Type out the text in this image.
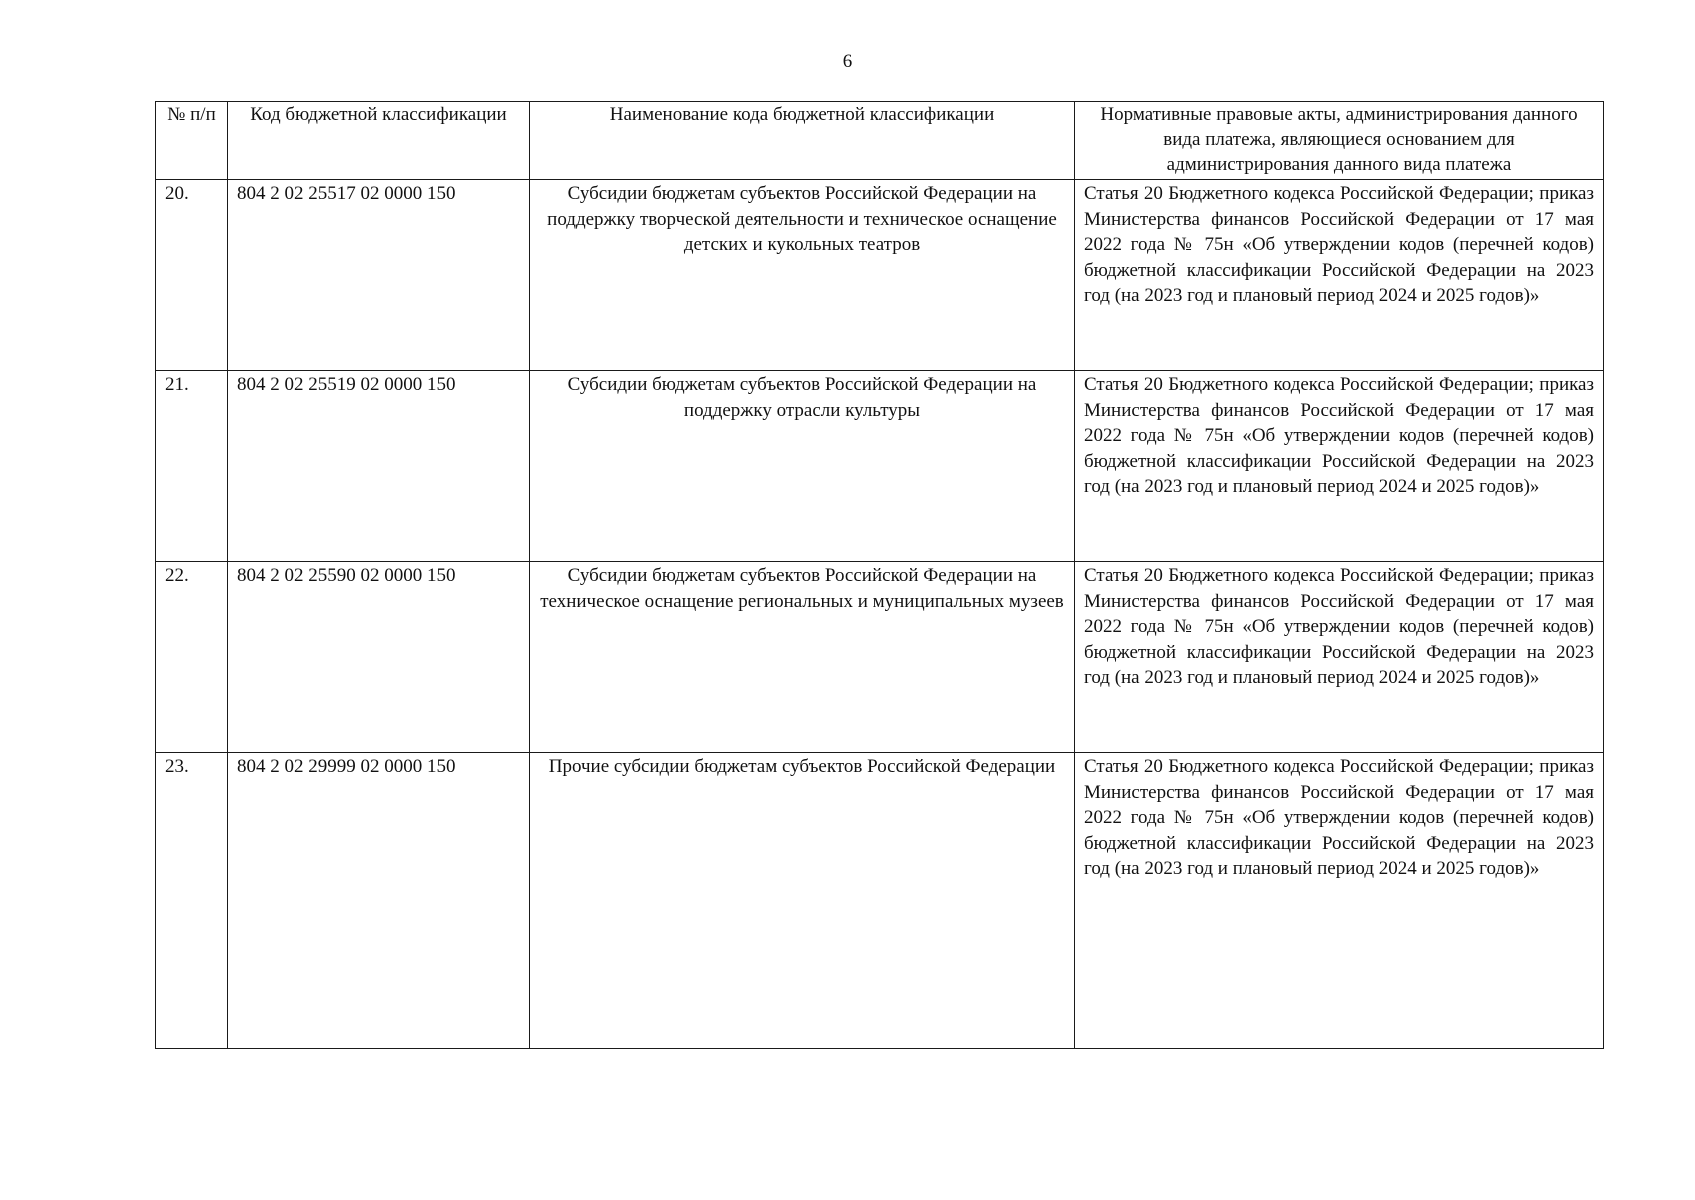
6
№ п/п	Код бюджетной классификации	Наименование кода бюджетной классификации	Нормативные правовые акты, администрирования данного вида платежа, являющиеся основанием для администрирования данного вида платежа
20.	804 2 02 25517 02 0000 150	Субсидии бюджетам субъектов Российской Федерации на поддержку творческой деятельности и техническое оснащение детских и кукольных театров	Статья 20 Бюджетного кодекса Российской Федерации; приказ Министерства финансов Российской Федерации от 17 мая 2022 года № 75н «Об утверждении кодов (перечней кодов) бюджетной классификации Российской Федерации на 2023 год (на 2023 год и плановый период 2024 и 2025 годов)»
21.	804 2 02 25519 02 0000 150	Субсидии бюджетам субъектов Российской Федерации на поддержку отрасли культуры	Статья 20 Бюджетного кодекса Российской Федерации; приказ Министерства финансов Российской Федерации от 17 мая 2022 года № 75н «Об утверждении кодов (перечней кодов) бюджетной классификации Российской Федерации на 2023 год (на 2023 год и плановый период 2024 и 2025 годов)»
22.	804 2 02 25590 02 0000 150	Субсидии бюджетам субъектов Российской Федерации на техническое оснащение региональных и муниципальных музеев	Статья 20 Бюджетного кодекса Российской Федерации; приказ Министерства финансов Российской Федерации от 17 мая 2022 года № 75н «Об утверждении кодов (перечней кодов) бюджетной классификации Российской Федерации на 2023 год (на 2023 год и плановый период 2024 и 2025 годов)»
23.	804 2 02 29999 02 0000 150	Прочие субсидии бюджетам субъектов Российской Федерации	Статья 20 Бюджетного кодекса Российской Федерации; приказ Министерства финансов Российской Федерации от 17 мая 2022 года № 75н «Об утверждении кодов (перечней кодов) бюджетной классификации Российской Федерации на 2023 год (на 2023 год и плановый период 2024 и 2025 годов)»
